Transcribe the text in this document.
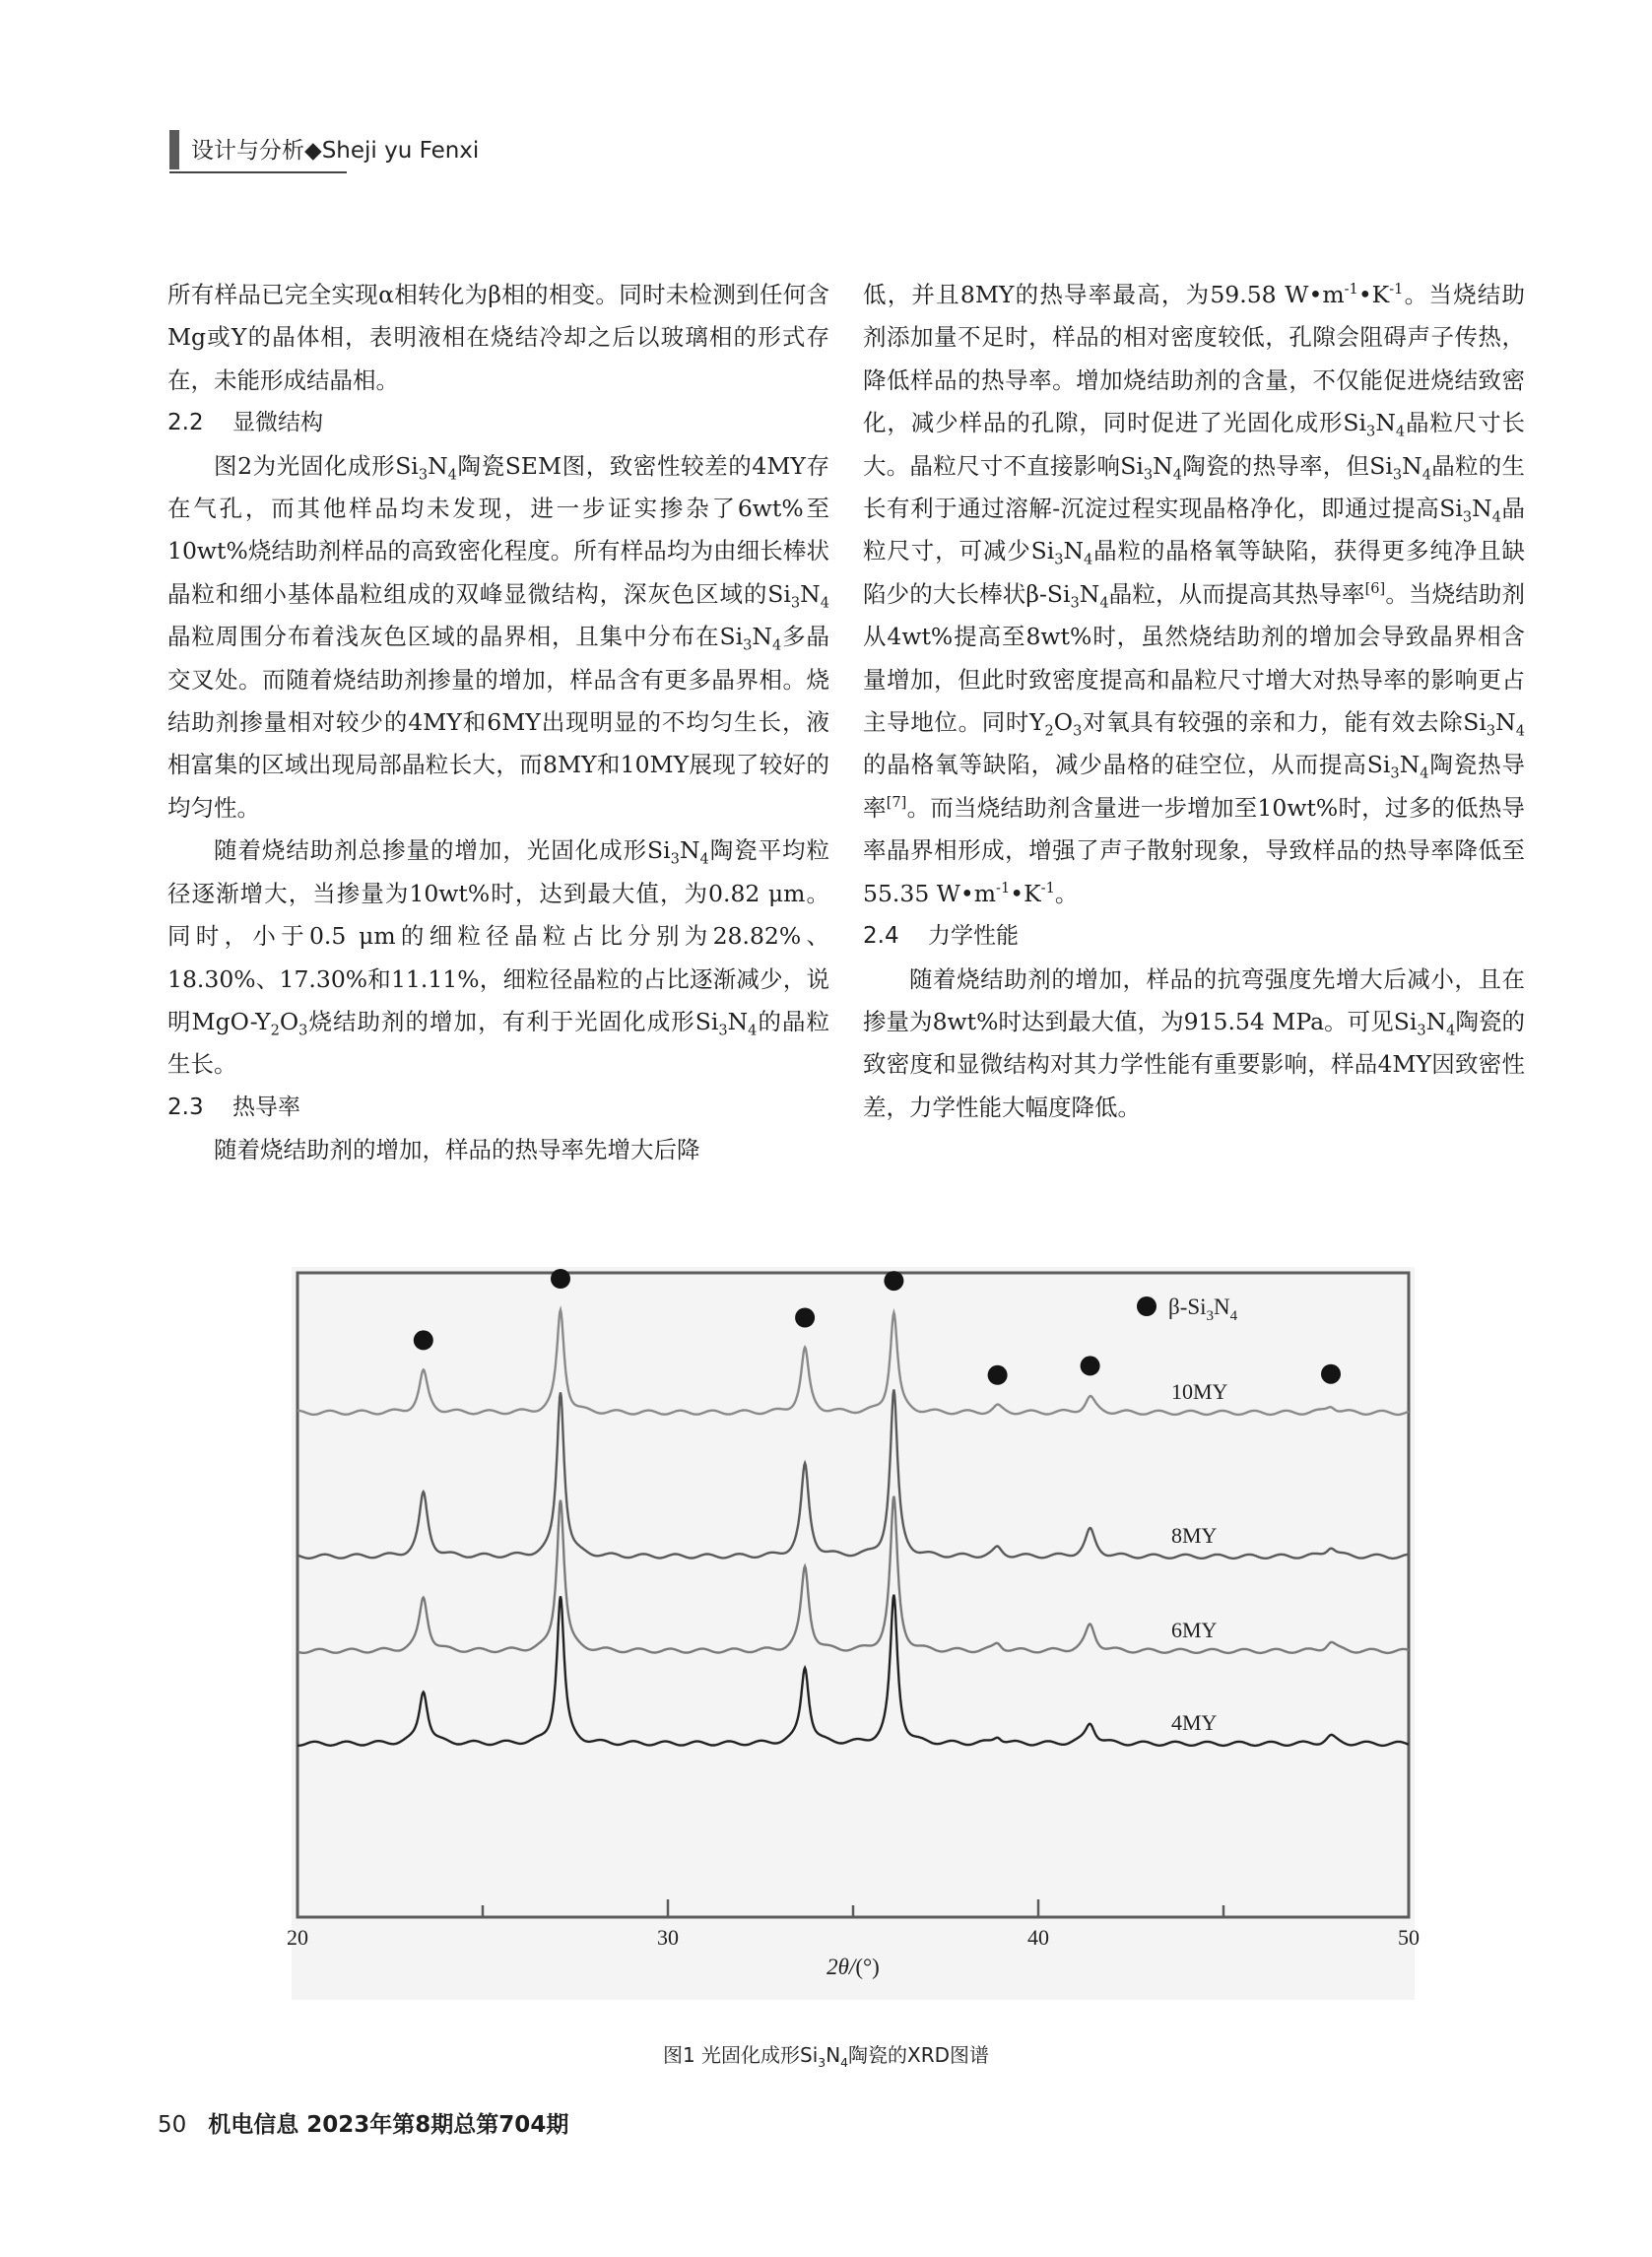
设计与分析◆Sheji yu Fenxi

所有样品已完全实现α相转化为β相的相变。同时未检测到任何含Mg或Y的晶体相，表明液相在烧结冷却之后以玻璃相的形式存在，未能形成结晶相。

2.2 显微结构

图2为光固化成形$Si_3N_4$陶瓷SEM图，致密性较差的4MY存在气孔，而其他样品均未发现，进一步证实掺杂了6wt%至10wt%烧结助剂样品的高致密化程度。所有样品均为由细长棒状晶粒和细小基体晶粒组成的双峰显微结构，深灰色区域的$Si_3N_4$晶粒周围分布着浅灰色区域的晶界相，且集中分布在$Si_3N_4$多晶交叉处。而随着烧结助剂掺量的增加，样品含有更多晶界相。烧结助剂掺量相对较少的4MY和6MY出现明显的不均匀生长，液相富集的区域出现局部晶粒长大，而8MY和10MY展现了较好的均匀性。

随着烧结助剂总掺量的增加，光固化成形$Si_3N_4$陶瓷平均粒径逐渐增大，当掺量为10wt%时，达到最大值，为0.82 μm。同时，小于0.5 μm的细粒径晶粒占比分别为28.82%、18.30%、17.30%和11.11%，细粒径晶粒的占比逐渐减少，说明MgO-$Y_2O_3$烧结助剂的增加，有利于光固化成形$Si_3N_4$的晶粒生长。

2.3 热导率

随着烧结助剂的增加，样品的热导率先增大后降

低，并且8MY的热导率最高，为59.58 $W•m^{-1}•K^{-1}$。当烧结助剂添加量不足时，样品的相对密度较低，孔隙会阻碍声子传热，降低样品的热导率。增加烧结助剂的含量，不仅能促进烧结致密化，减少样品的孔隙，同时促进了光固化成形$Si_3N_4$晶粒尺寸长大。晶粒尺寸不直接影响$Si_3N_4$陶瓷的热导率，但$Si_3N_4$晶粒的生长有利于通过溶解-沉淀过程实现晶格净化，即通过提高$Si_3N_4$晶粒尺寸，可减少$Si_3N_4$晶粒的晶格氧等缺陷，获得更多纯净且缺陷少的大长棒状$\beta-Si_3N_4$晶粒，从而提高其热导率[6]。当烧结助剂从4wt%提高至8wt%时，虽然烧结助剂的增加会导致晶界相含量增加，但此时致密度提高和晶粒尺寸增大对热导率的影响更占主导地位。同时$Y_2O_3$对氧具有较强的亲和力，能有效去除$Si_3N_4$的晶格氧等缺陷，减少晶格的硅空位，从而提高$Si_3N_4$陶瓷热导率[7]。而当烧结助剂含量进一步增加至10wt%时，过多的低热导率晶界相形成，增强了声子散射现象，导致样品的热导率降低至55.35 $W•m^{-1}•K^{-1}$。

2.4 力学性能

随着烧结助剂的增加，样品的抗弯强度先增大后减小，且在掺量为8wt%时达到最大值，为915.54 MPa。可见$Si_3N_4$陶瓷的致密度和显微结构对其力学性能有重要影响，样品4MY因致密性差，力学性能大幅度降低。

10MY
8MY
6MY
4MY
20	30	40	50
$\beta-Si_3N_4$
2θ/(°)
图1 光固化成形$Si_3N_4$陶瓷的XRD图谱
50 机电信息 2023年第8期总第704期
